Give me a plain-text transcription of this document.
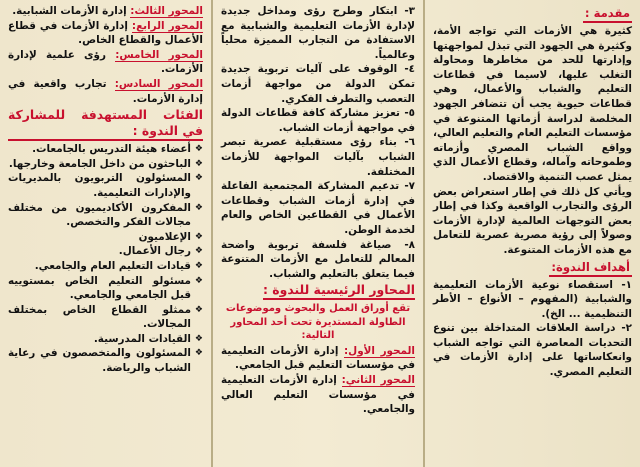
مقدمة :

كثيرة هي الأزمات التي تواجه الأمة، وكثيرة هي الجهود التي تبذل لمواجهتها وإدارتها للحد من مخاطرها ومحاولة التغلب عليها، لاسيما في قطاعات التعليم والشباب والأعمال، وهي قطاعات حيوية يجب أن تتضافر الجهود المخلصة لدراسة أزماتها المتنوعة في مؤسسات التعليم العام والتعليم العالي، وواقع الشباب المصري وأزماته وطموحاته وآماله، وقطاع الأعمال الذي يمثل عصب التنمية والاقتصاد.

ويأتي كل ذلك في إطار استعراض بعض الرؤى والتجارب الواقعية وكذا في إطار بعض التوجهات العالمية لإدارة الأزمات وصولاً إلى رؤية مصرية عصرية للتعامل مع هذه الأزمات المتنوعة.

أهداف الندوة:

١- استقصاء نوعية الأزمات التعليمية والشبابية (المفهوم – الأنواع – الأطر التنظيمية ... الخ).

٢- دراسة العلاقات المتداخلة بين تنوع التحديات المعاصرة التي تواجه الشباب وانعكاساتها على إدارة الأزمات في التعليم المصري.

٣- ابتكار وطرح رؤى ومداخل جديدة لإدارة الأزمات التعليمية والشبابية مع الاستفادة من التجارب المميزة محلياً وعالمياً.

٤- الوقوف على آليات تربوية جديدة تمكن الدولة من مواجهة أزمات التعصب والتطرف الفكري.

٥- تعزيز مشاركة كافة قطاعات الدولة في مواجهة أزمات الشباب.

٦- بناء رؤى مستقبلية عصرية تبصر الشباب بآليات المواجهة للأزمات المختلفة.

٧- تدعيم المشاركة المجتمعية الفاعلة في إدارة أزمات الشباب وقطاعات الأعمال في القطاعين الخاص والعام لخدمة الوطن.

٨- صياغة فلسفة تربوية واضحة المعالم للتعامل مع الأزمات المتنوعة فيما يتعلق بالتعليم والشباب.

المحاور الرئيسية للندوة :

تقع أوراق العمل والبحوث وموضوعات الطاولة المستديرة تحت أحد المحاور التالية:

المحور الأول: إدارة الأزمات التعليمية في مؤسسات التعليم قبل الجامعي.

المحور الثاني: إدارة الأزمات التعليمية في مؤسسات التعليم العالي والجامعي.

المحور الثالث: إدارة الأزمات الشبابية.

المحور الرابع: إدارة الأزمات في قطاع الأعمال والقطاع الخاص.

المحور الخامس: رؤى علمية لإدارة الأزمات.

المحور السادس: تجارب واقعية في إدارة الأزمات.

الفئات المستهدفة للمشاركة في الندوة :
❖ أعضاء هيئة التدريس بالجامعات.
❖ الباحثون من داخل الجامعة وخارجها.
❖ المسئولون التربويون بالمديريات والإدارات التعليمية.
❖ المفكرون الأكاديميون من مختلف مجالات الفكر والتخصص.
❖ الإعلاميون
❖ رجال الأعمال.
❖ قيادات التعليم العام والجامعي.
❖ مسئولو التعليم الخاص بمستوييه قبل الجامعي والجامعي.
❖ ممثلو القطاع الخاص بمختلف المجالات.
❖ القيادات المدرسية.
❖ المسئولون والمتخصصون في رعاية الشباب والرياضة.
